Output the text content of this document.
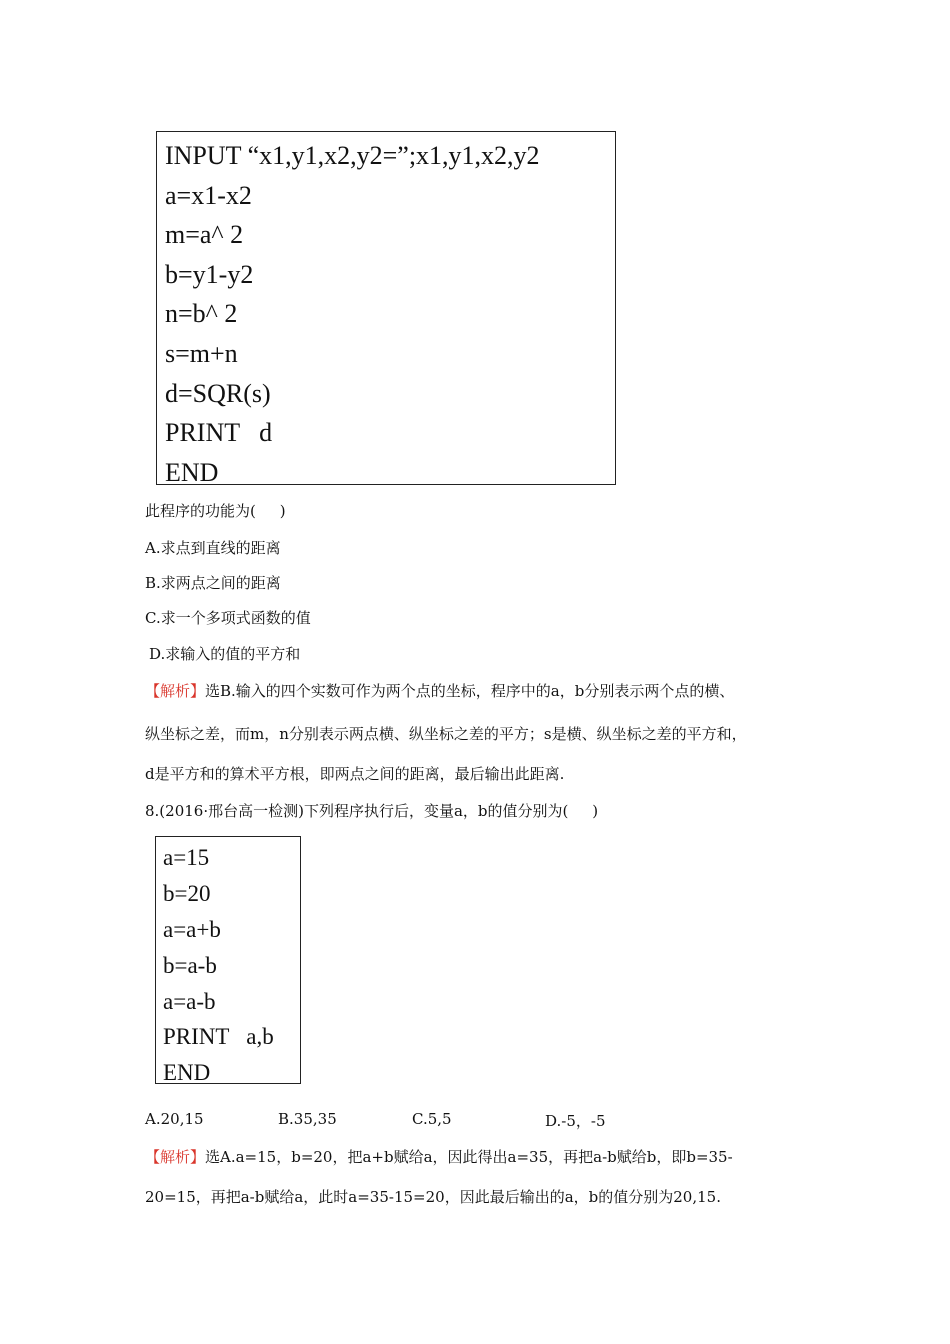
INPUT “x1,y1,x2,y2=”;x1,y1,x2,y2
a=x1-x2
m=a^ 2
b=y1-y2
n=b^ 2
s=m+n
d=SQR(s)
PRINT   d
END
此程序的功能为(     )
A.求点到直线的距离
B.求两点之间的距离
C.求一个多项式函数的值
D.求输入的值的平方和
【解析】选B.输入的四个实数可作为两个点的坐标，程序中的a，b分别表示两个点的横、
纵坐标之差，而m，n分别表示两点横、纵坐标之差的平方；s是横、纵坐标之差的平方和，
d是平方和的算术平方根，即两点之间的距离，最后输出此距离.
8.(2016·邢台高一检测)下列程序执行后，变量a，b的值分别为(     )
a=15
b=20
a=a+b
b=a-b
a=a-b
PRINT   a,b
END
A.20,15	B.35,35	C.5,5	D.-5，-5
【解析】选A.a=15，b=20，把a+b赋给a，因此得出a=35，再把a-b赋给b，即b=35-
20=15，再把a-b赋给a，此时a=35-15=20，因此最后输出的a，b的值分别为20,15.
